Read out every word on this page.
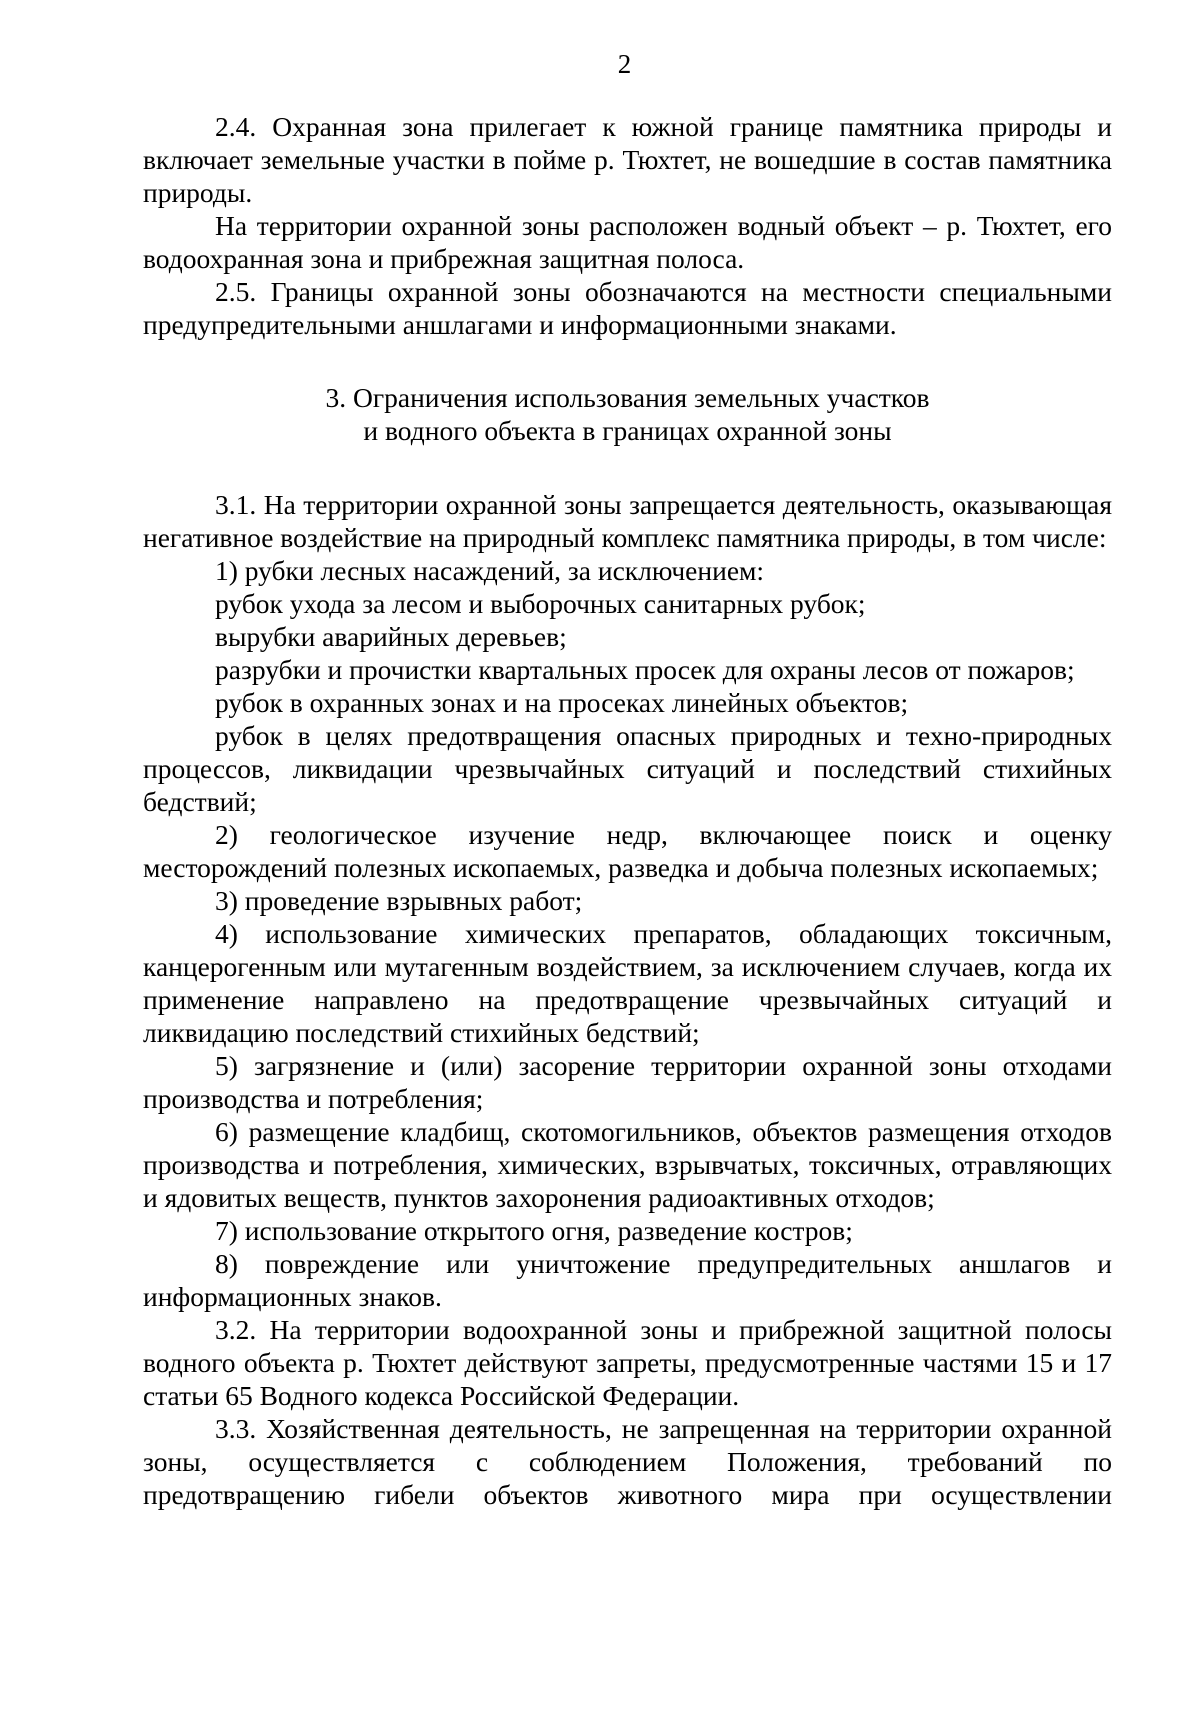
2

2.4. Охранная зона прилегает к южной границе памятника природы и включает земельные участки в пойме р. Тюхтет, не вошедшие в состав памятника природы.

На территории охранной зоны расположен водный объект – р. Тюхтет, его водоохранная зона и прибрежная защитная полоса.

2.5. Границы охранной зоны обозначаются на местности специальными предупредительными аншлагами и информационными знаками.

3. Ограничения использования земельных участков
и водного объекта в границах охранной зоны

3.1. На территории охранной зоны запрещается деятельность, оказывающая негативное воздействие на природный комплекс памятника природы, в том числе:

1) рубки лесных насаждений, за исключением:

рубок ухода за лесом и выборочных санитарных рубок;

вырубки аварийных деревьев;

разрубки и прочистки квартальных просек для охраны лесов от пожаров;

рубок в охранных зонах и на просеках линейных объектов;

рубок в целях предотвращения опасных природных и техно-природных процессов, ликвидации чрезвычайных ситуаций и последствий стихийных бедствий;

2) геологическое изучение недр, включающее поиск и оценку месторождений полезных ископаемых, разведка и добыча полезных ископаемых;

3) проведение взрывных работ;

4) использование химических препаратов, обладающих токсичным, канцерогенным или мутагенным воздействием, за исключением случаев, когда их применение направлено на предотвращение чрезвычайных ситуаций и ликвидацию последствий стихийных бедствий;

5) загрязнение и (или) засорение территории охранной зоны отходами производства и потребления;

6) размещение кладбищ, скотомогильников, объектов размещения отходов производства и потребления, химических, взрывчатых, токсичных, отравляющих и ядовитых веществ, пунктов захоронения радиоактивных отходов;

7) использование открытого огня, разведение костров;

8) повреждение или уничтожение предупредительных аншлагов и информационных знаков.

3.2. На территории водоохранной зоны и прибрежной защитной полосы водного объекта р. Тюхтет действуют запреты, предусмотренные частями 15 и 17 статьи 65 Водного кодекса Российской Федерации.

3.3. Хозяйственная деятельность, не запрещенная на территории охранной зоны, осуществляется с соблюдением Положения, требований по предотвращению гибели объектов животного мира при осуществлении
